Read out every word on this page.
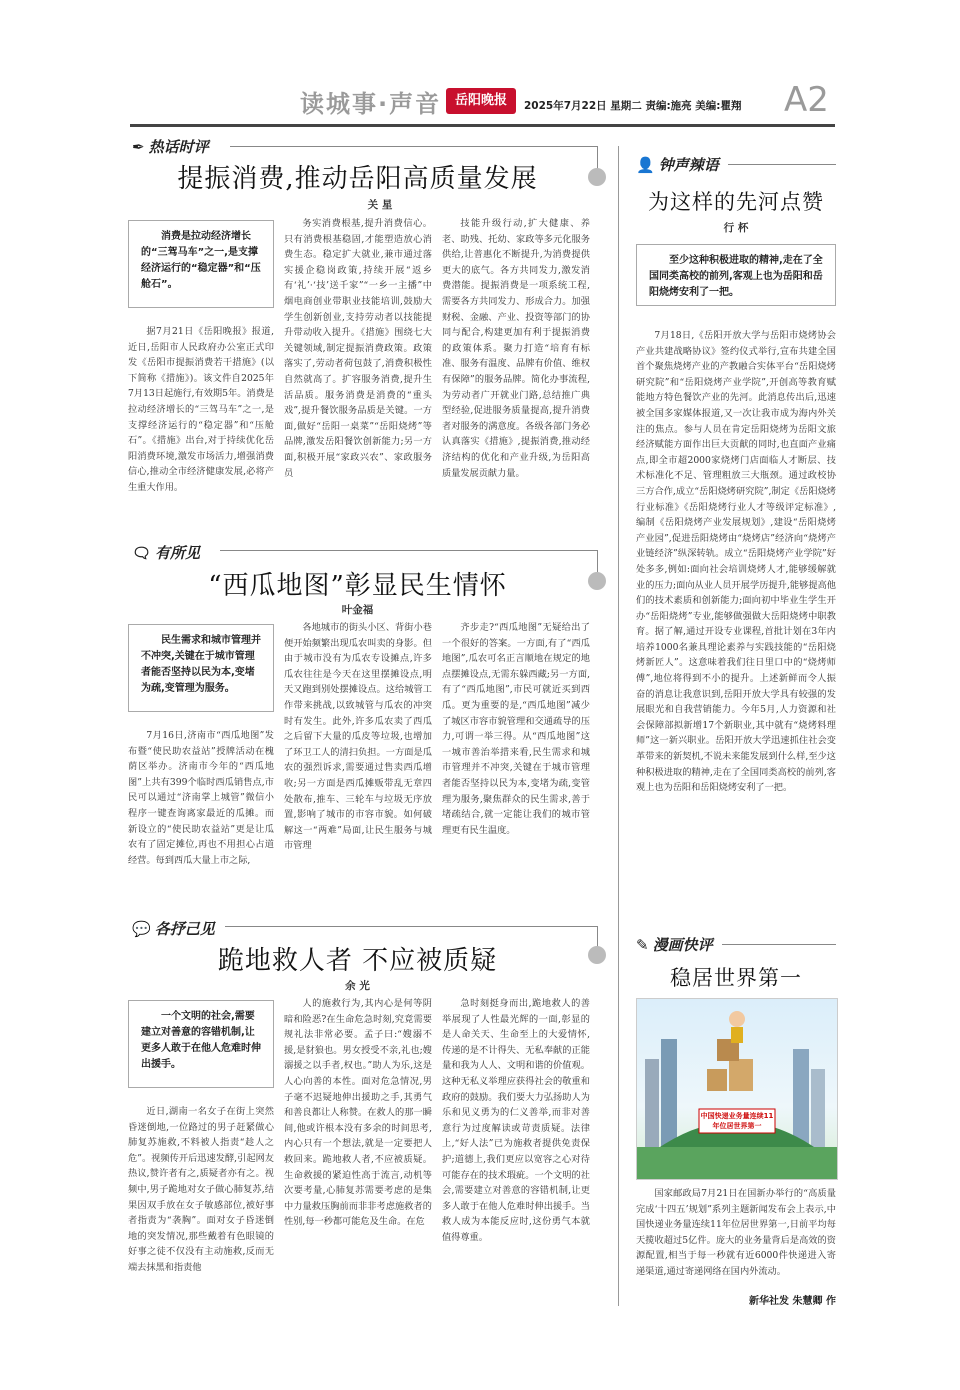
读城事·声音	岳阳晚报	2025年7月22日 星期二 责编:施亮 美编:瞿翔 A2
✒ 热话时评
提振消费,推动岳阳高质量发展
关 星
消费是拉动经济增长的“三驾马车”之一,是支撑经济运行的“稳定器”和“压舱石”。

据7月21日《岳阳晚报》报道,近日,岳阳市人民政府办公室正式印发《岳阳市提振消费若干措施》(以下简称《措施》)。该文件自2025年7月13日起施行,有效期5年。消费是拉动经济增长的“三驾马车”之一,是支撑经济运行的“稳定器”和“压舱石”。《措施》出台,对于持续优化岳阳消费环境,激发市场活力,增强消费信心,推动全市经济健康发展,必将产生重大作用。

务实消费根基,提升消费信心。只有消费根基稳固,才能塑造放心消费生态。稳定扩大就业,兼市通过落实援企稳岗政策,持续开展“返乡有‘礼’·‘技’送千家”“一乡一主播”中烟电商创业带职业技能培训,鼓励大学生创新创业,支持劳动者以技能提升带动收入提升。《措施》围绕七大关键领域,制定提振消费政策。政策落实了,劳动者荷包鼓了,消费积极性自然就高了。扩容服务消费,提升生活品质。服务消费是消费的“重头戏”,提升餐饮服务品质是关键。一方面,做好“岳阳一桌菜”“岳阳烧烤”等品牌,激发岳阳餐饮创新能力;另一方面,积极开展“家政兴农”、家政服务员

技能升级行动,扩大健康、养老、助残、托幼、家政等多元化服务供给,让普惠化不断提升,为消费提供更大的底气。各方共同发力,激发消费潜能。提振消费是一项系统工程,需要各方共同发力、形成合力。加强财税、金融、产业、投资等部门的协同与配合,构建更加有利于提振消费的政策体系。聚力打造“培育有标准、服务有温度、品牌有价值、维权有保障”的服务品牌。简化办事流程,为劳动者广开就业门路,总结推广典型经验,促进服务质量提高,提升消费者对服务的满意度。各级各部门务必认真落实《措施》,提振消费,推动经济结构的优化和产业升级,为岳阳高质量发展贡献力量。

🗨 有所见
“西瓜地图”彰显民生情怀
叶金福
民生需求和城市管理并不冲突,关键在于城市管理者能否坚持以民为本,变堵为疏,变管理为服务。

7月16日,济南市“西瓜地图”发布暨“使民助农益站”授牌活动在槐荫区举办。济南市今年的“西瓜地图”上共有399个临时西瓜销售点,市民可以通过“济南掌上城管”微信小程序一键查询离家最近的瓜摊。而新设立的“使民助农益站”更是让瓜农有了固定摊位,再也不用担心占道经营。每到西瓜大量上市之际,

各地城市的街头小区、背街小巷便开始频繁出现瓜农叫卖的身影。但由于城市没有为瓜农专设摊点,许多瓜农往往是今天在这里摆摊设点,明天又跑到别处摆摊设点。这给城管工作带来挑战,以致城管与瓜农的冲突时有发生。此外,许多瓜农卖了西瓜之后留下大量的瓜皮等垃圾,也增加了环卫工人的清扫负担。一方面是瓜农的强烈诉求,需要通过售卖西瓜增收;另一方面是西瓜摊贩带乱无章四处散布,推车、三轮车与垃圾无序放置,影响了城市的市容市貌。如何破解这一“两难”局面,让民生服务与城市管理

齐步走?“西瓜地图”无疑给出了一个很好的答案。一方面,有了“西瓜地图”,瓜农可名正言顺地在规定的地点摆摊设点,无需东躲西藏;另一方面,有了“西瓜地图”,市民可就近买到西瓜。更为重要的是,“西瓜地图”减少了城区市容市貌管理和交通疏导的压力,可谓一举三得。从“西瓜地图”这一城市善治举措来看,民生需求和城市管理并不冲突,关键在于城市管理者能否坚持以民为本,变堵为疏,变管理为服务,聚焦群众的民生需求,善于堵疏结合,就一定能让我们的城市管理更有民生温度。

💬 各抒己见
跪地救人者 不应被质疑
余 光
一个文明的社会,需要建立对善意的容错机制,让更多人敢于在他人危难时伸出援手。

近日,湖南一名女子在街上突然昏迷倒地,一位路过的男子赶紧做心肺复苏施救,不料被人指责“趁人之危”。视频传开后迅速发酵,引起网友热议,赞许者有之,质疑者亦有之。视频中,男子跪地对女子做心肺复苏,结果因双手放在女子敏感部位,被好事者指责为“袭胸”。面对女子昏迷倒地的突发情况,那些戴着有色眼镜的好事之徒不仅没有主动施救,反而无端去抹黑和指责他

人的施救行为,其内心是何等阴暗和险恶?在生命危急时刻,究竟需要规礼法非常必要。孟子曰:“嫂溺不援,是豺狼也。男女授受不亲,礼也;嫂溺援之以手者,权也。”助人为乐,这是人心向善的本性。面对危急情况,男子毫不迟疑地伸出援助之手,其勇气和善良都让人称赞。在救人的那一瞬间,他或许根本没有多余的时间思考,内心只有一个想法,就是一定要把人救回来。跪地救人者,不应被质疑。生命救援的紧迫性高于流言,动机等次要考量,心肺复苏需要考虑的是集中力量救压胸前而非非考虑施救者的性别,每一秒都可能危及生命。在危

急时刻挺身而出,跪地救人的善举展现了人性最光辉的一面,彰显的是人命关天、生命至上的大爱情怀,传递的是不计得失、无私奉献的正能量和我为人人、文明和谐的价值观。这种无私义举理应获得社会的敬重和政府的鼓励。我们要大力弘扬助人为乐和见义勇为的仁义善举,而非对善意行为过度解读或苛责质疑。法律上,“好人法”已为施救者提供免责保护;道德上,我们更应以宽容之心对待可能存在的技术瑕疵。一个文明的社会,需要建立对善意的容错机制,让更多人敢于在他人危难时伸出援手。当救人成为本能反应时,这份勇气本就值得尊重。

👤 钟声辣语
为这样的先河点赞
行 杯
至少这种积极进取的精神,走在了全国同类高校的前列,客观上也为岳阳和岳阳烧烤安利了一把。

7月18日,《岳阳开放大学与岳阳市烧烤协会产业共建战略协议》签约仪式举行,宣布共建全国首个聚焦烧烤产业的产教融合实体平台“岳阳烧烤研究院”和“岳阳烧烤产业学院”,开创高等教育赋能地方特色餐饮产业的先河。此消息传出后,迅速被全国多家媒体报道,又一次让我市成为海内外关注的焦点。参与人员在肯定岳阳烧烤为岳阳文旅经济赋能方面作出巨大贡献的同时,也直面产业痛点,即全市超2000家烧烤门店面临人才断层、技术标准化不足、管理粗放三大瓶颈。通过政校协三方合作,成立“岳阳烧烤研究院”,制定《岳阳烧烤行业标准》《岳阳烧烤行业人才等级评定标准》,编制《岳阳烧烤产业发展规划》,建设“岳阳烧烤产业园”,促进岳阳烧烤由“烧烤店”经济向“烧烤产业链经济”纵深转轨。成立“岳阳烧烤产业学院”好处多多,例如:面向社会培训烧烤人才,能够缓解就业的压力;面向从业人员开展学历提升,能够提高他们的技术素质和创新能力;面向初中毕业生学生开办“岳阳烧烤”专业,能够做强做大岳阳烧烤中职教育。据了解,通过开设专业课程,首批计划在3年内培养1000名兼具理论素养与实践技能的“岳阳烧烤新匠人”。这意味着我们往日里口中的“烧烤师傅”,地位将得到不小的提升。上述新鲜而令人振奋的消息让我意识到,岳阳开放大学具有较强的发展眼光和自我营销能力。今年5月,人力资源和社会保障部拟新增17个新职业,其中就有“烧烤料理师”这一新兴职业。岳阳开放大学迅速抓住社会变革带来的新契机,不说未来能发展到什么样,至少这种积极进取的精神,走在了全国同类高校的前列,客观上也为岳阳和岳阳烧烤安利了一把。

✎ 漫画快评
稳居世界第一
中国快递业务量连续11年位居世界第一

国家邮政局7月21日在国新办举行的“高质量完成‘十四五’规划”系列主题新闻发布会上表示,中国快递业务量连续11年位居世界第一,日前平均每天揽收超过5亿件。庞大的业务量背后是高效的资源配置,相当于每一秒就有近6000件快递进入寄递渠道,通过寄递网络在国内外流动。

新华社发 朱慧卿 作
